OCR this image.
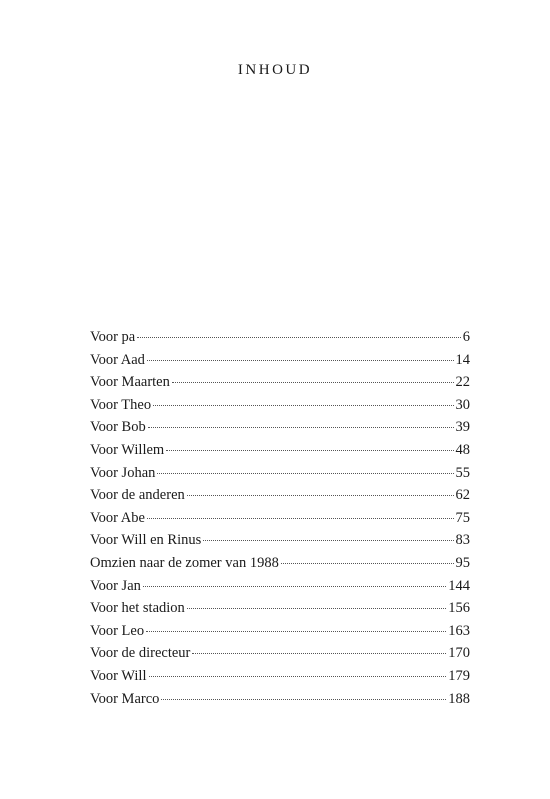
INHOUD
Voor pa	6
Voor Aad	14
Voor Maarten	22
Voor Theo	30
Voor Bob	39
Voor Willem	48
Voor Johan	55
Voor de anderen	62
Voor Abe	75
Voor Will en Rinus	83
Omzien naar de zomer van 1988	95
Voor Jan	144
Voor het stadion	156
Voor Leo	163
Voor de directeur	170
Voor Will	179
Voor Marco	188
